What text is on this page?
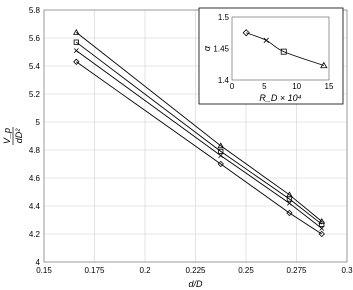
0.15	0.175	0.2	0.225	0.25	0.275	0.3
4
4.2
4.4
4.6
4.8
5
5.2
5.4
5.6
5.8
d/D
V_p dD²
0	5	10	15
1.4
1.45
1.5
R_D × 10⁴
α
